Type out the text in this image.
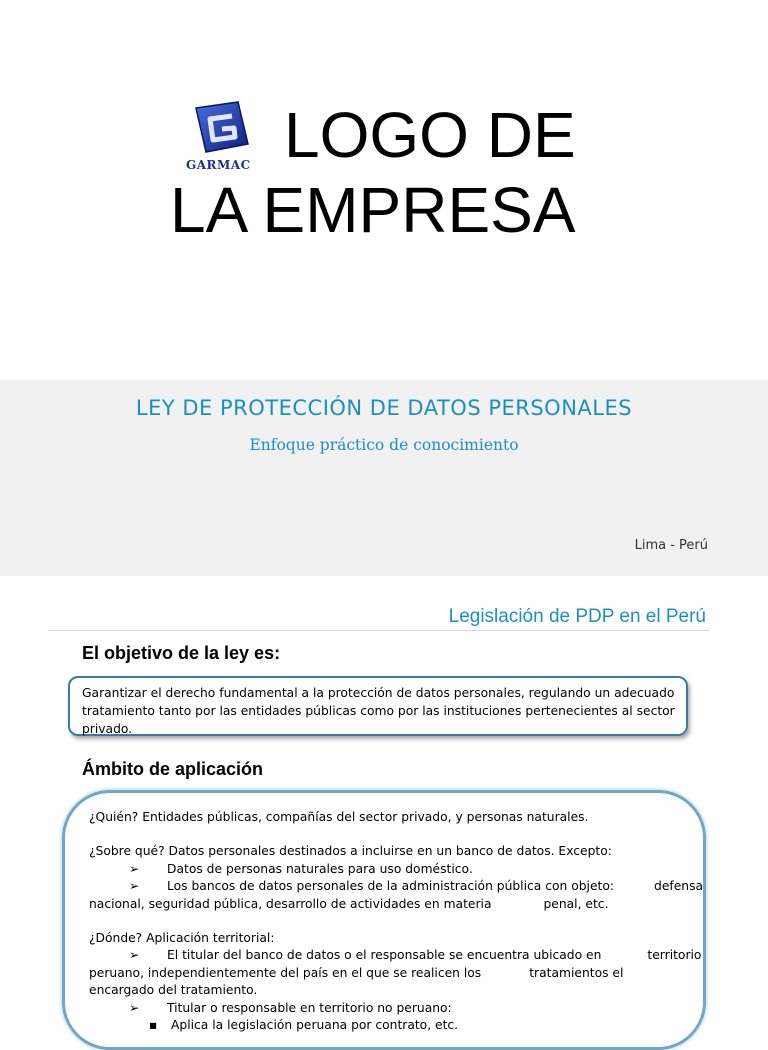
GARMAC LOGO DE
LA EMPRESA
LEY DE PROTECCIÓN DE DATOS PERSONALES
Enfoque práctico de conocimiento
Lima - Perú
Legislación de PDP en el Perú
El objetivo de la ley es:
Garantizar el derecho fundamental a la protección de datos personales, regulando un adecuado
tratamiento tanto por las entidades públicas como por las instituciones pertenecientes al sector
privado.
Ámbito de aplicación
¿Quién? Entidades públicas, compañías del sector privado, y personas naturales.
¿Sobre qué? Datos personales destinados a incluirse en un banco de datos. Excepto:
➢ Datos de personas naturales para uso doméstico.
➢ Los bancos de datos personales de la administración pública con objeto:	defensa
nacional, seguridad pública, desarrollo de actividades en materia	penal, etc.
¿Dónde? Aplicación territorial:
➢ El titular del banco de datos o el responsable se encuentra ubicado en	territorio
peruano, independientemente del país en el que se realicen los	tratamientos el
encargado del tratamiento.
➢ Titular o responsable en territorio no peruano:
▪ Aplica la legislación peruana por contrato, etc.
